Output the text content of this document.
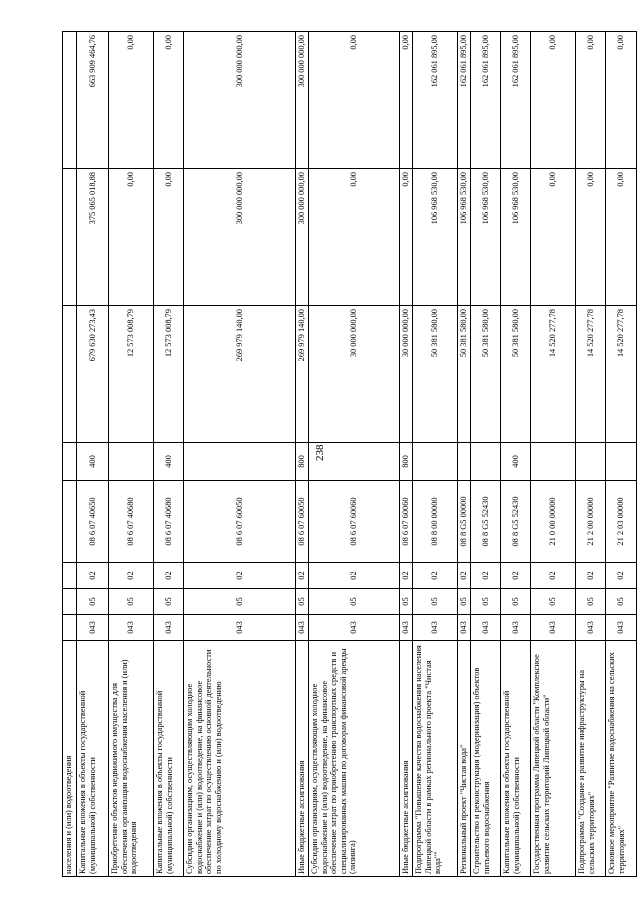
238
населения и (или) водоотведения								
Капитальные вложения в объекты государственной (муниципальной) собственности	043	05	02	08 6 07 40650	400	679 630 273,43	375 065 018,88	663 909 464,76
Приобретение объектов недвижимого имущества для обеспечения организации водоснабжения населения и (или) водоотведения	043	05	02	08 6 07 40680		12 573 008,79	0,00	0,00
Капитальные вложения в объекты государственной (муниципальной) собственности	043	05	02	08 6 07 40680	400	12 573 008,79	0,00	0,00
Субсидии организациям, осуществляющим холодное водоснабжение и (или) водоотведение, на финансовое обеспечение затрат по осуществлению основной деятельности по холодному водоснабжению и (или) водоотведению	043	05	02	08 6 07 60050		269 979 140,00	300 000 000,00	300 000 000,00
Иные бюджетные ассигнования	043	05	02	08 6 07 60050	800	269 979 140,00	300 000 000,00	300 000 000,00
Субсидии организациям, осуществляющим холодное водоснабжение и (или) водоотведение, на финансовое обеспечение затрат по приобретению транспортных средств и специализированных машин по договорам финансовой аренды (лизинга)	043	05	02	08 6 07 60060		30 000 000,00	0,00	0,00
Иные бюджетные ассигнования	043	05	02	08 6 07 60060	800	30 000 000,00	0,00	0,00
Подпрограмма "Повышение качества водоснабжения населения Липецкой области в рамках регионального проекта "Чистая вода""	043	05	02	08 8 00 00000		50 381 580,00	106 968 530,00	162 061 895,00
Региональный проект "Чистая вода"	043	05	02	08 8 G5 00000		50 381 580,00	106 968 530,00	162 061 895,00
Строительство и реконструкция (модернизация) объектов питьевого водоснабжения	043	05	02	08 8 G5 52430		50 381 580,00	106 968 530,00	162 061 895,00
Капитальные вложения в объекты государственной (муниципальной) собственности	043	05	02	08 8 G5 52430	400	50 381 580,00	106 968 530,00	162 061 895,00
Государственная программа Липецкой области "Комплексное развитие сельских территорий Липецкой области"	043	05	02	21 0 00 00000		14 520 277,78	0,00	0,00
Подпрограмма "Создание и развитие инфраструктуры на сельских территориях"	043	05	02	21 2 00 00000		14 520 277,78	0,00	0,00
Основное мероприятие "Развитие водоснабжения на сельских территориях"	043	05	02	21 2 03 00000		14 520 277,78	0,00	0,00
